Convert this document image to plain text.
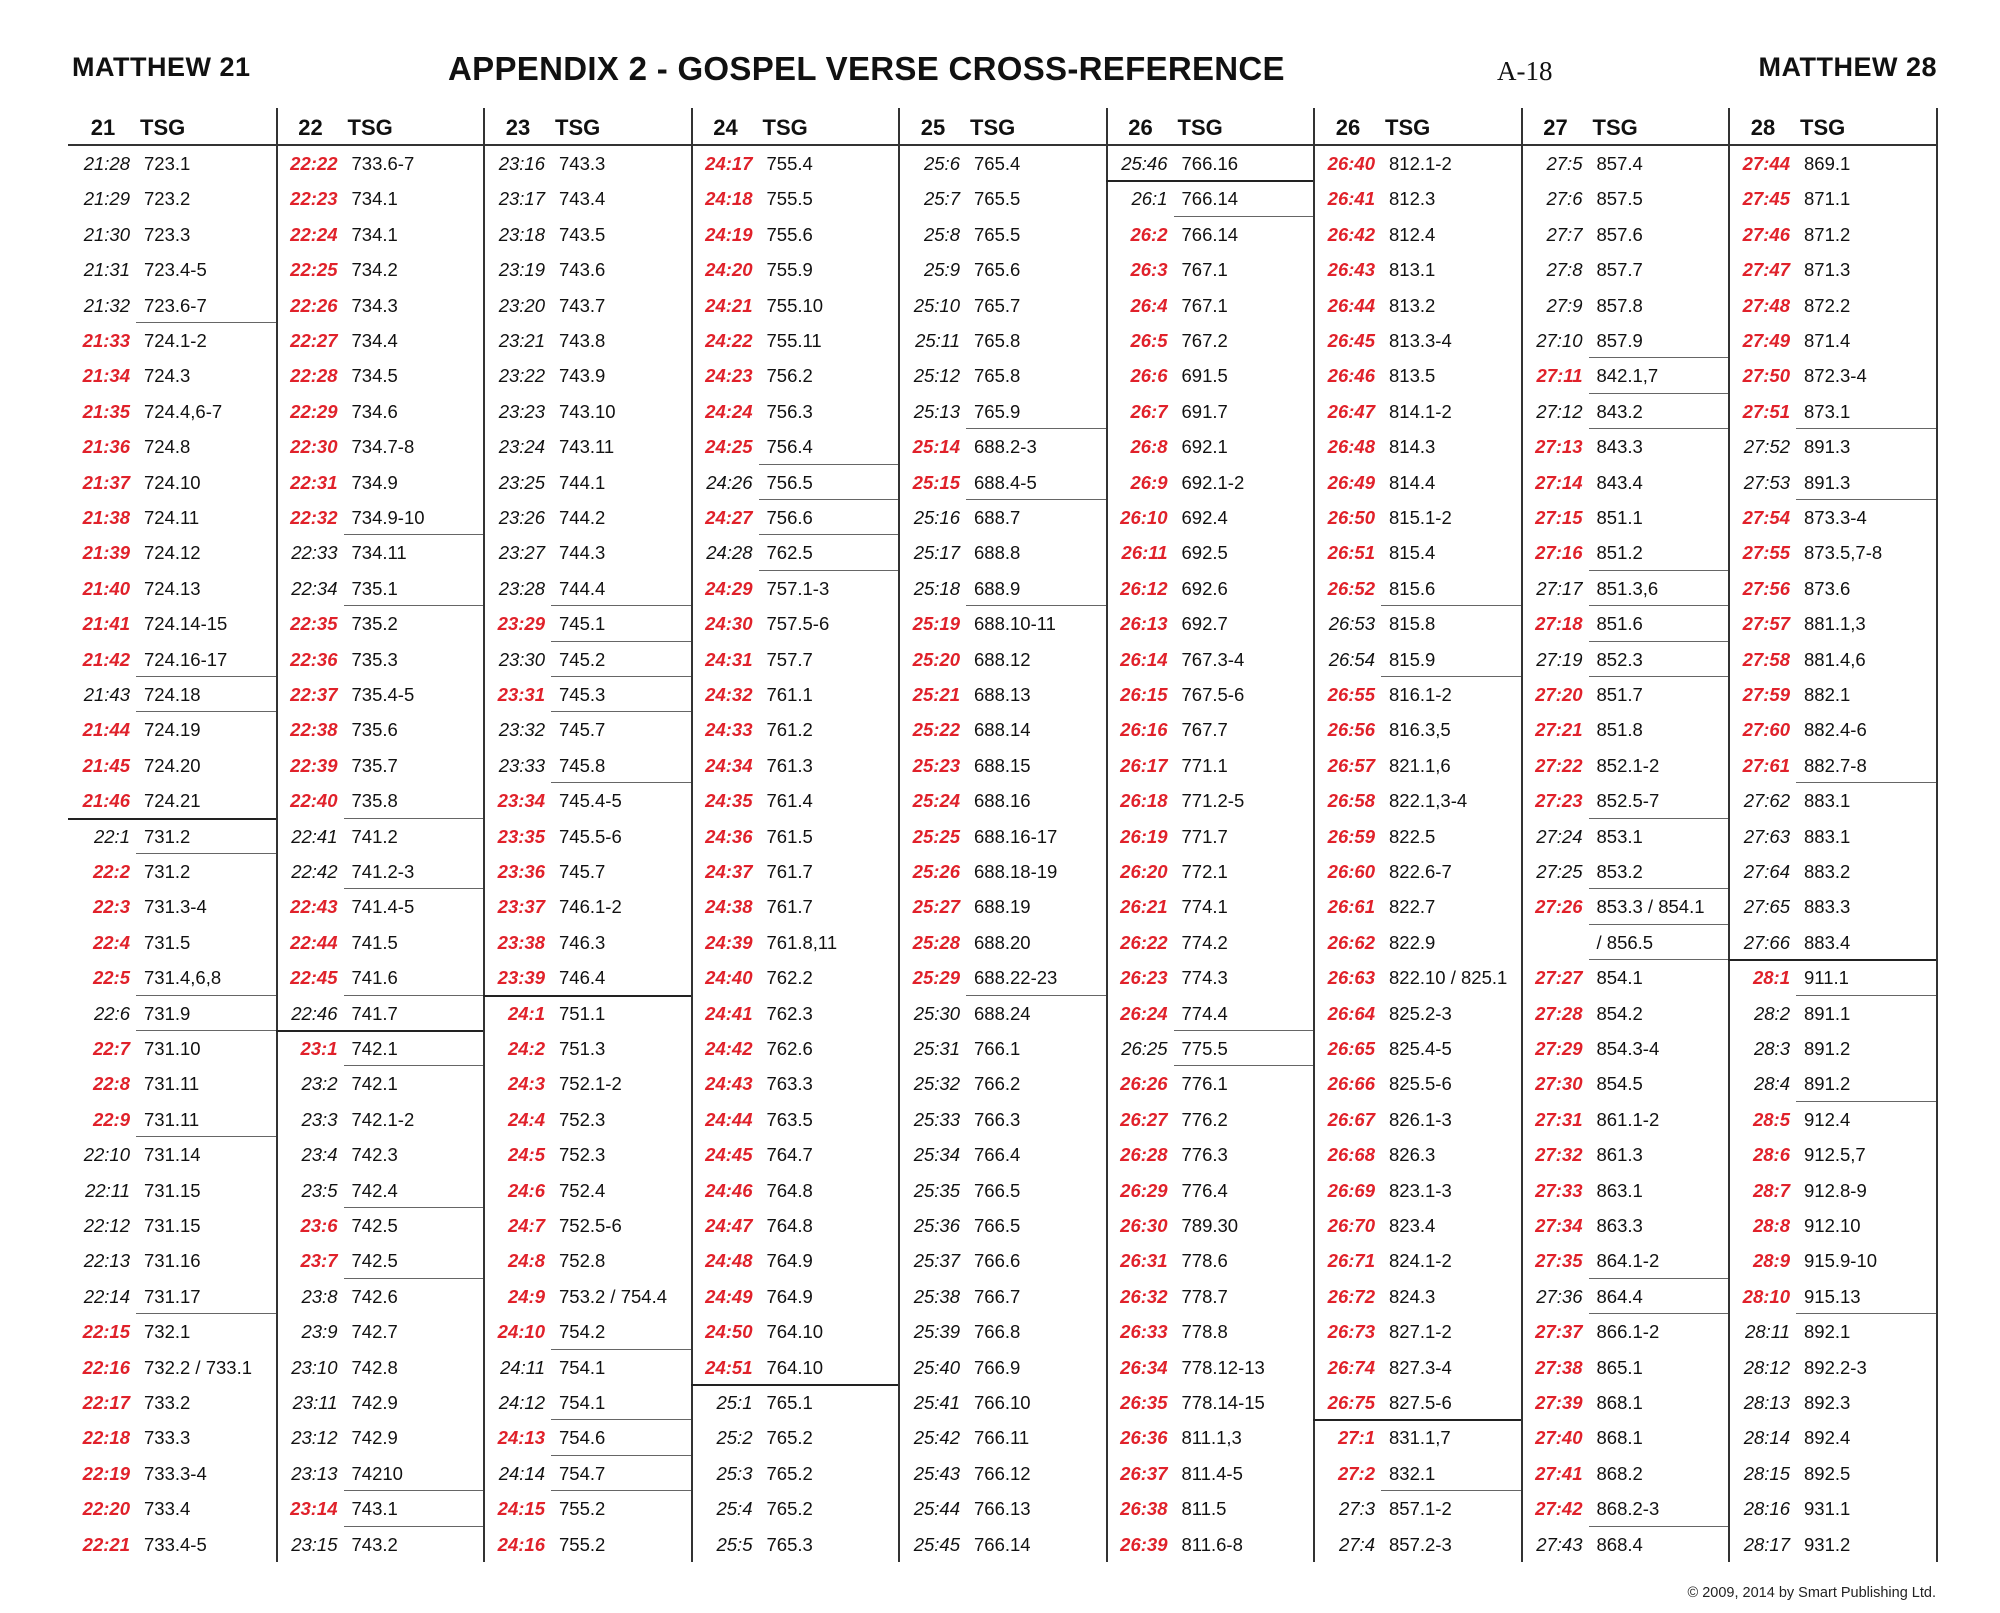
MATTHEW 21	APPENDIX 2 - GOSPEL VERSE CROSS-REFERENCE	A-18	MATTHEW 28
21 TSG
21:28 723.1
21:29 723.2
21:30 723.3
21:31 723.4-5
21:32 723.6-7
21:33 724.1-2
21:34 724.3
21:35 724.4,6-7
21:36 724.8
21:37 724.10
21:38 724.11
21:39 724.12
21:40 724.13
21:41 724.14-15
21:42 724.16-17
21:43 724.18
21:44 724.19
21:45 724.20
21:46 724.21
22:1 731.2
22:2 731.2
22:3 731.3-4
22:4 731.5
22:5 731.4,6,8
22:6 731.9
22:7 731.10
22:8 731.11
22:9 731.11
22:10 731.14
22:11 731.15
22:12 731.15
22:13 731.16
22:14 731.17
22:15 732.1
22:16 732.2 / 733.1
22:17 733.2
22:18 733.3
22:19 733.3-4
22:20 733.4
22:21 733.4-5
22 TSG
22:22 733.6-7
22:23 734.1
22:24 734.1
22:25 734.2
22:26 734.3
22:27 734.4
22:28 734.5
22:29 734.6
22:30 734.7-8
22:31 734.9
22:32 734.9-10
22:33 734.11
22:34 735.1
22:35 735.2
22:36 735.3
22:37 735.4-5
22:38 735.6
22:39 735.7
22:40 735.8
22:41 741.2
22:42 741.2-3
22:43 741.4-5
22:44 741.5
22:45 741.6
22:46 741.7
23:1 742.1
23:2 742.1
23:3 742.1-2
23:4 742.3
23:5 742.4
23:6 742.5
23:7 742.5
23:8 742.6
23:9 742.7
23:10 742.8
23:11 742.9
23:12 742.9
23:13 74210
23:14 743.1
23:15 743.2
23 TSG
23:16 743.3
23:17 743.4
23:18 743.5
23:19 743.6
23:20 743.7
23:21 743.8
23:22 743.9
23:23 743.10
23:24 743.11
23:25 744.1
23:26 744.2
23:27 744.3
23:28 744.4
23:29 745.1
23:30 745.2
23:31 745.3
23:32 745.7
23:33 745.8
23:34 745.4-5
23:35 745.5-6
23:36 745.7
23:37 746.1-2
23:38 746.3
23:39 746.4
24:1 751.1
24:2 751.3
24:3 752.1-2
24:4 752.3
24:5 752.3
24:6 752.4
24:7 752.5-6
24:8 752.8
24:9 753.2 / 754.4
24:10 754.2
24:11 754.1
24:12 754.1
24:13 754.6
24:14 754.7
24:15 755.2
24:16 755.2
24 TSG
24:17 755.4
24:18 755.5
24:19 755.6
24:20 755.9
24:21 755.10
24:22 755.11
24:23 756.2
24:24 756.3
24:25 756.4
24:26 756.5
24:27 756.6
24:28 762.5
24:29 757.1-3
24:30 757.5-6
24:31 757.7
24:32 761.1
24:33 761.2
24:34 761.3
24:35 761.4
24:36 761.5
24:37 761.7
24:38 761.7
24:39 761.8,11
24:40 762.2
24:41 762.3
24:42 762.6
24:43 763.3
24:44 763.5
24:45 764.7
24:46 764.8
24:47 764.8
24:48 764.9
24:49 764.9
24:50 764.10
24:51 764.10
25:1 765.1
25:2 765.2
25:3 765.2
25:4 765.2
25:5 765.3
25 TSG
25:6 765.4
25:7 765.5
25:8 765.5
25:9 765.6
25:10 765.7
25:11 765.8
25:12 765.8
25:13 765.9
25:14 688.2-3
25:15 688.4-5
25:16 688.7
25:17 688.8
25:18 688.9
25:19 688.10-11
25:20 688.12
25:21 688.13
25:22 688.14
25:23 688.15
25:24 688.16
25:25 688.16-17
25:26 688.18-19
25:27 688.19
25:28 688.20
25:29 688.22-23
25:30 688.24
25:31 766.1
25:32 766.2
25:33 766.3
25:34 766.4
25:35 766.5
25:36 766.5
25:37 766.6
25:38 766.7
25:39 766.8
25:40 766.9
25:41 766.10
25:42 766.11
25:43 766.12
25:44 766.13
25:45 766.14
26 TSG
25:46 766.16
26:1 766.14
26:2 766.14
26:3 767.1
26:4 767.1
26:5 767.2
26:6 691.5
26:7 691.7
26:8 692.1
26:9 692.1-2
26:10 692.4
26:11 692.5
26:12 692.6
26:13 692.7
26:14 767.3-4
26:15 767.5-6
26:16 767.7
26:17 771.1
26:18 771.2-5
26:19 771.7
26:20 772.1
26:21 774.1
26:22 774.2
26:23 774.3
26:24 774.4
26:25 775.5
26:26 776.1
26:27 776.2
26:28 776.3
26:29 776.4
26:30 789.30
26:31 778.6
26:32 778.7
26:33 778.8
26:34 778.12-13
26:35 778.14-15
26:36 811.1,3
26:37 811.4-5
26:38 811.5
26:39 811.6-8
26 TSG
26:40 812.1-2
26:41 812.3
26:42 812.4
26:43 813.1
26:44 813.2
26:45 813.3-4
26:46 813.5
26:47 814.1-2
26:48 814.3
26:49 814.4
26:50 815.1-2
26:51 815.4
26:52 815.6
26:53 815.8
26:54 815.9
26:55 816.1-2
26:56 816.3,5
26:57 821.1,6
26:58 822.1,3-4
26:59 822.5
26:60 822.6-7
26:61 822.7
26:62 822.9
26:63 822.10 / 825.1
26:64 825.2-3
26:65 825.4-5
26:66 825.5-6
26:67 826.1-3
26:68 826.3
26:69 823.1-3
26:70 823.4
26:71 824.1-2
26:72 824.3
26:73 827.1-2
26:74 827.3-4
26:75 827.5-6
27:1 831.1,7
27:2 832.1
27:3 857.1-2
27:4 857.2-3
27 TSG
27:5 857.4
27:6 857.5
27:7 857.6
27:8 857.7
27:9 857.8
27:10 857.9
27:11 842.1,7
27:12 843.2
27:13 843.3
27:14 843.4
27:15 851.1
27:16 851.2
27:17 851.3,6
27:18 851.6
27:19 852.3
27:20 851.7
27:21 851.8
27:22 852.1-2
27:23 852.5-7
27:24 853.1
27:25 853.2
27:26 853.3 / 854.1
/ 856.5
27:27 854.1
27:28 854.2
27:29 854.3-4
27:30 854.5
27:31 861.1-2
27:32 861.3
27:33 863.1
27:34 863.3
27:35 864.1-2
27:36 864.4
27:37 866.1-2
27:38 865.1
27:39 868.1
27:40 868.1
27:41 868.2
27:42 868.2-3
27:43 868.4
28 TSG
27:44 869.1
27:45 871.1
27:46 871.2
27:47 871.3
27:48 872.2
27:49 871.4
27:50 872.3-4
27:51 873.1
27:52 891.3
27:53 891.3
27:54 873.3-4
27:55 873.5,7-8
27:56 873.6
27:57 881.1,3
27:58 881.4,6
27:59 882.1
27:60 882.4-6
27:61 882.7-8
27:62 883.1
27:63 883.1
27:64 883.2
27:65 883.3
27:66 883.4
28:1 911.1
28:2 891.1
28:3 891.2
28:4 891.2
28:5 912.4
28:6 912.5,7
28:7 912.8-9
28:8 912.10
28:9 915.9-10
28:10 915.13
28:11 892.1
28:12 892.2-3
28:13 892.3
28:14 892.4
28:15 892.5
28:16 931.1
28:17 931.2
© 2009, 2014 by Smart Publishing Ltd.
